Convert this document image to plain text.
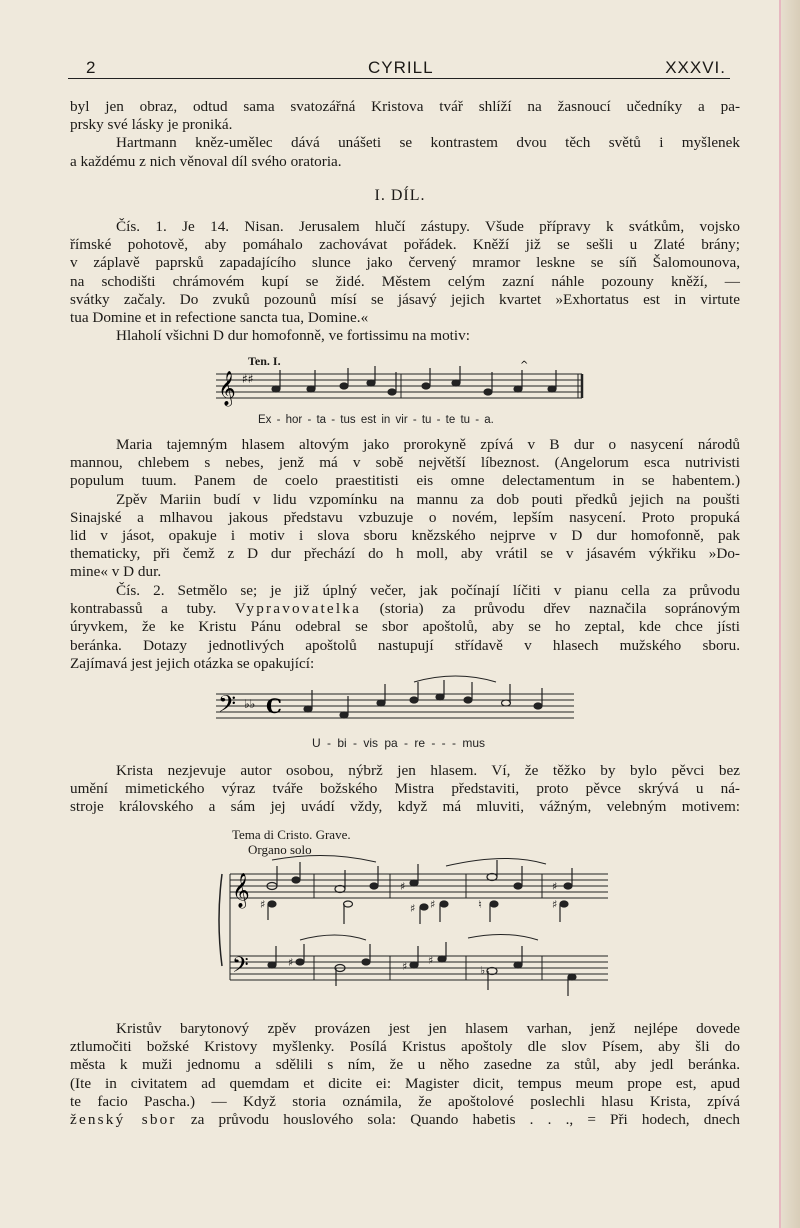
2	CYRILL	XXXVI.
byl jen obraz, odtud sama svatozářná Kristova tvář shlíží na žasnoucí učedníky a pa-
prsky své lásky je proniká.
Hartmann kněz-umělec dává unášeti se kontrastem dvou těch světů i myšlenek
a každému z nich věnoval díl svého oratoria.
I. DÍL.
Čís. 1. Je 14. Nisan. Jerusalem hlučí zástupy. Všude přípravy k svátkům, vojsko
římské pohotově, aby pomáhalo zachovávat pořádek. Kněží již se sešli u Zlaté brány;
v záplavě paprsků zapadajícího slunce jako červený mramor leskne se síň Šalomounova,
na schodišti chrámovém kupí se židé. Městem celým zazní náhle pozouny kněží, —
svátky začaly. Do zvuků pozounů mísí se jásavý jejich kvartet »Exhortatus est in virtute
tua Domine et in refectione sancta tua, Domine.«
Hlaholí všichni D dur homofonně, ve fortissimu na motiv:
Ten. I.
𝄞 ♯♯
^
Ex - hor - ta - tus est in vir - tu - te tu - a.
Maria tajemným hlasem altovým jako prorokyně zpívá v B dur o nasycení národů
mannou, chlebem s nebes, jenž má v sobě největší líbeznost. (Angelorum esca nutrivisti
populum tuum. Panem de coelo praestitisti eis omne delectamentum in se habentem.)
Zpěv Mariin budí v lidu vzpomínku na mannu za dob pouti předků jejich na poušti
Sinajské a mlhavou jakous představu vzbuzuje o novém, lepším nasycení. Proto propuká
lid v jásot, opakuje i motiv i slova sboru knězského nejprve v D dur homofonně, pak
thematicky, při čemž z D dur přechází do h moll, aby vrátil se v jásavém výkřiku »Do-
mine« v D dur.
Čís. 2. Setmělo se; je již úplný večer, jak počínají líčiti v pianu cella za průvodu
kontrabassů a tuby. Vypravovatelka (storia) za průvodu dřev naznačila sopránovým
úryvkem, že ke Kristu Pánu odebral se sbor apoštolů, aby se ho zeptal, kde chce jísti
beránka. Dotazy jednotlivých apoštolů nastupují střídavě v hlasech mužského sboru.
Zajímavá jest jejich otázka se opakující:
𝄢 ♭♭ C
U - bi - vis pa - re - - - mus
Krista nezjevuje autor osobou, nýbrž jen hlasem. Ví, že těžko by bylo pěvci bez
umění mimetického výraz tváře božského Mistra představiti, proto pěvce skrývá u ná-
stroje královského a sám jej uvádí vždy, když má mluviti, vážným, velebným motivem:
Tema di Cristo. Grave.
Organo solo
𝄞
𝄢
♯
♯
♯ ♯	♮
♯
♯
♯	♯ ♯
♭
Kristův barytonový zpěv provázen jest jen hlasem varhan, jenž nejlépe dovede
ztlumočiti božské Kristovy myšlenky. Posílá Kristus apoštoly dle slov Písem, aby šli do
města k muži jednomu a sdělili s ním, že u něho zasedne za stůl, aby jedl beránka.
(Ite in civitatem ad quemdam et dicite ei: Magister dicit, tempus meum prope est, apud
te facio Pascha.) — Když storia oznámila, že apoštolové poslechli hlasu Krista, zpívá
ženský sbor za průvodu houslového sola: Quando habetis . . ., = Při hodech, dnech
